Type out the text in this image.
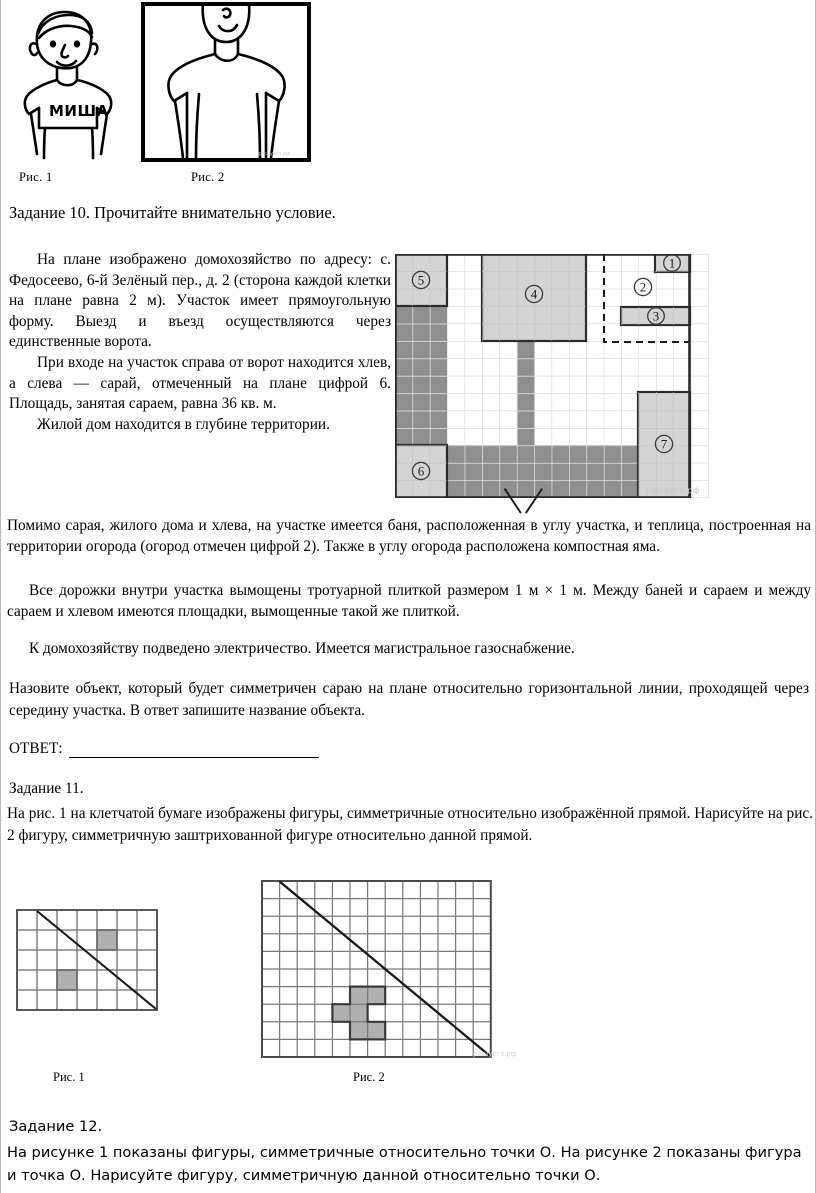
МИША
решуегэ.рф
Рис. 1	Рис. 2
Задание 10. Прочитайте внимательно условие.

На плане изображено домохозяйство по адресу: с. Федосеево, 6-й Зелёный пер., д. 2 (сторона каждой клетки на плане равна 2 м). Участок имеет прямоугольную форму. Выезд и въезд осуществляются через единственные ворота.

При входе на участок справа от ворот находится хлев, а слева — сарай, отмеченный на плане цифрой 6. Площадь, занятая сараем, равна 36 кв. м.

Жилой дом находится в глубине территории.

Помимо сарая, жилого дома и хлева, на участке имеется баня, расположенная в углу участка, и теплица, построенная на территории огорода (огород отмечен цифрой 2). Также в углу огорода расположена компостная яма.

Все дорожки внутри участка вымощены тротуарной плиткой размером 1 м × 1 м. Между баней и сараем и между сараем и хлевом имеются площадки, вымощенные такой же плиткой.

К домохозяйству подведено электричество. Имеется магистральное газоснабжение.

Назовите объект, который будет симметричен сараю на плане относительно горизонтальной линии, проходящей через середину участка. В ответ запишите название объекта.

ОТВЕТ:
5
4
1
3
2
7
6
решуегэ.рф
Задание 11.

На рис. 1 на клетчатой бумаге изображены фигуры, симметричные относительно изображённой прямой. Нарисуйте на рис. 2 фигуру, симметричную заштрихованной фигуре относительно данной прямой.

Рис. 1	Рис. 2
решуегэ.рф
Задание 12.

На рисунке 1 показаны фигуры, симметричные относительно точки О. На рисунке 2 показаны фигура и точка О. Нарисуйте фигуру, симметричную данной относительно точки О.
